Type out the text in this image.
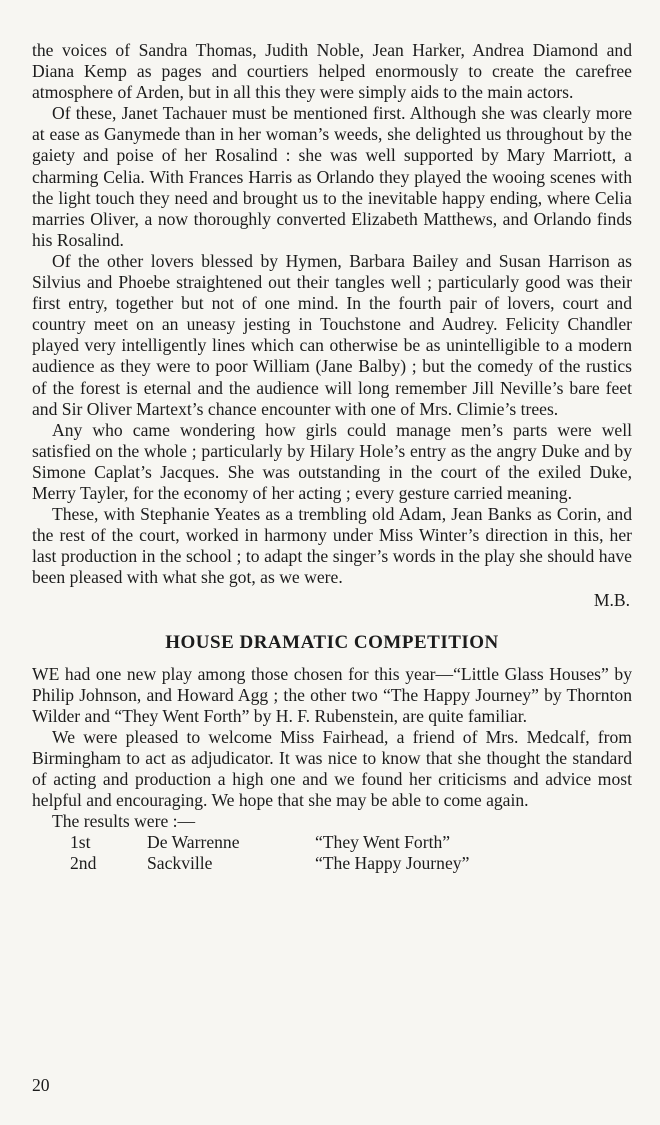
the voices of Sandra Thomas, Judith Noble, Jean Harker, Andrea Diamond and Diana Kemp as pages and courtiers helped enormously to create the carefree atmosphere of Arden, but in all this they were simply aids to the main actors.

Of these, Janet Tachauer must be mentioned first. Although she was clearly more at ease as Ganymede than in her woman’s weeds, she delighted us throughout by the gaiety and poise of her Rosalind : she was well supported by Mary Marriott, a charming Celia. With Frances Harris as Orlando they played the wooing scenes with the light touch they need and brought us to the inevitable happy ending, where Celia marries Oliver, a now thoroughly converted Elizabeth Matthews, and Orlando finds his Rosalind.

Of the other lovers blessed by Hymen, Barbara Bailey and Susan Harrison as Silvius and Phoebe straightened out their tangles well ; particularly good was their first entry, together but not of one mind. In the fourth pair of lovers, court and country meet on an uneasy jesting in Touchstone and Audrey. Felicity Chandler played very intelligently lines which can otherwise be as unintelligible to a modern audience as they were to poor William (Jane Balby) ; but the comedy of the rustics of the forest is eternal and the audience will long remember Jill Neville’s bare feet and Sir Oliver Martext’s chance encounter with one of Mrs. Climie’s trees.

Any who came wondering how girls could manage men’s parts were well satisfied on the whole ; particularly by Hilary Hole’s entry as the angry Duke and by Simone Caplat’s Jacques. She was outstanding in the court of the exiled Duke, Merry Tayler, for the economy of her acting ; every gesture carried meaning.

These, with Stephanie Yeates as a trembling old Adam, Jean Banks as Corin, and the rest of the court, worked in harmony under Miss Winter’s direction in this, her last production in the school ; to adapt the singer’s words in the play she should have been pleased with what she got, as we were.

M.B.
HOUSE DRAMATIC COMPETITION

WE had one new play among those chosen for this year—“Little Glass Houses” by Philip Johnson, and Howard Agg ; the other two “The Happy Journey” by Thornton Wilder and “They Went Forth” by H. F. Rubenstein, are quite familiar.

We were pleased to welcome Miss Fairhead, a friend of Mrs. Medcalf, from Birmingham to act as adjudicator. It was nice to know that she thought the standard of acting and production a high one and we found her criticisms and advice most helpful and encouraging. We hope that she may be able to come again.

The results were :—

1st	De Warrenne	“They Went Forth”
2nd	Sackville	“The Happy Journey”
20
